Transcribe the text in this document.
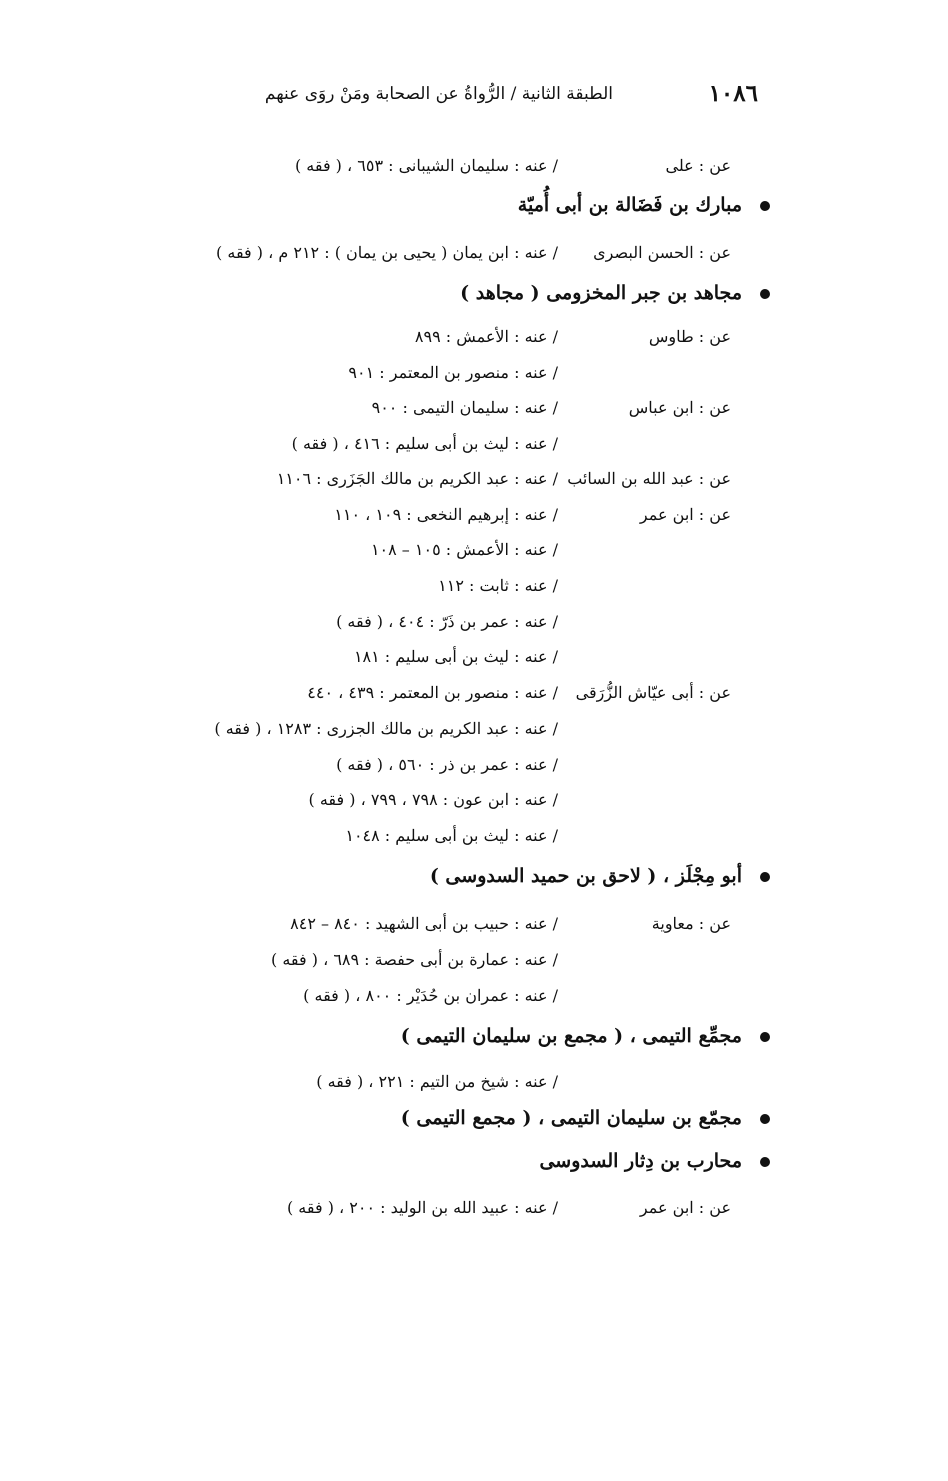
١٠٨٦
الطبقة الثانية / الرُّواةُ عن الصحابة ومَنْ روَى عنهم
عن : على
/ عنه : سليمان الشيبانى : ٦٥٣ ، ( فقه )
مبارك بن فَضَالة بن أبى أُميّة
عن : الحسن البصرى
/ عنه : ابن يمان ( يحيى بن يمان ) : ٢١٢ م ، ( فقه )
مجاهد بن جبر المخزومى ( مجاهد )
عن : طاوس
/ عنه : الأعمش : ٨٩٩
/ عنه : منصور بن المعتمر : ٩٠١
عن : ابن عباس
/ عنه : سليمان التيمى : ٩٠٠
/ عنه : ليث بن أبى سليم : ٤١٦ ، ( فقه )
عن : عبد الله بن السائب
/ عنه : عبد الكريم بن مالك الجَزَرى : ١١٠٦
عن : ابن عمر
/ عنه : إبرهيم النخعى : ١٠٩ ، ١١٠
/ عنه : الأعمش : ١٠٥ – ١٠٨
/ عنه : ثابت : ١١٢
/ عنه : عمر بن ذَرّ : ٤٠٤ ، ( فقه )
/ عنه : ليث بن أبى سليم : ١٨١
عن : أبى عيّاش الزُّرَقى
/ عنه : منصور بن المعتمر : ٤٣٩ ، ٤٤٠
/ عنه : عبد الكريم بن مالك الجزرى : ١٢٨٣ ، ( فقه )
/ عنه : عمر بن ذر : ٥٦٠ ، ( فقه )
/ عنه : ابن عون : ٧٩٨ ، ٧٩٩ ، ( فقه )
/ عنه : ليث بن أبى سليم : ١٠٤٨
أبو مِجْلَز ، ( لاحق بن حميد السدوسى )
عن : معاوية
/ عنه : حبيب بن أبى الشهيد : ٨٤٠ – ٨٤٢
/ عنه : عمارة بن أبى حفصة : ٦٨٩ ، ( فقه )
/ عنه : عمران بن حُدَيْر : ٨٠٠ ، ( فقه )
مجمِّع التيمى ، ( مجمع بن سليمان التيمى )
/ عنه : شيخ من التيم : ٢٢١ ، ( فقه )
مجمّع بن سليمان التيمى ، ( مجمع التيمى )
محارب بن دِثار السدوسى
عن : ابن عمر
/ عنه : عبيد الله بن الوليد : ٢٠٠ ، ( فقه )
